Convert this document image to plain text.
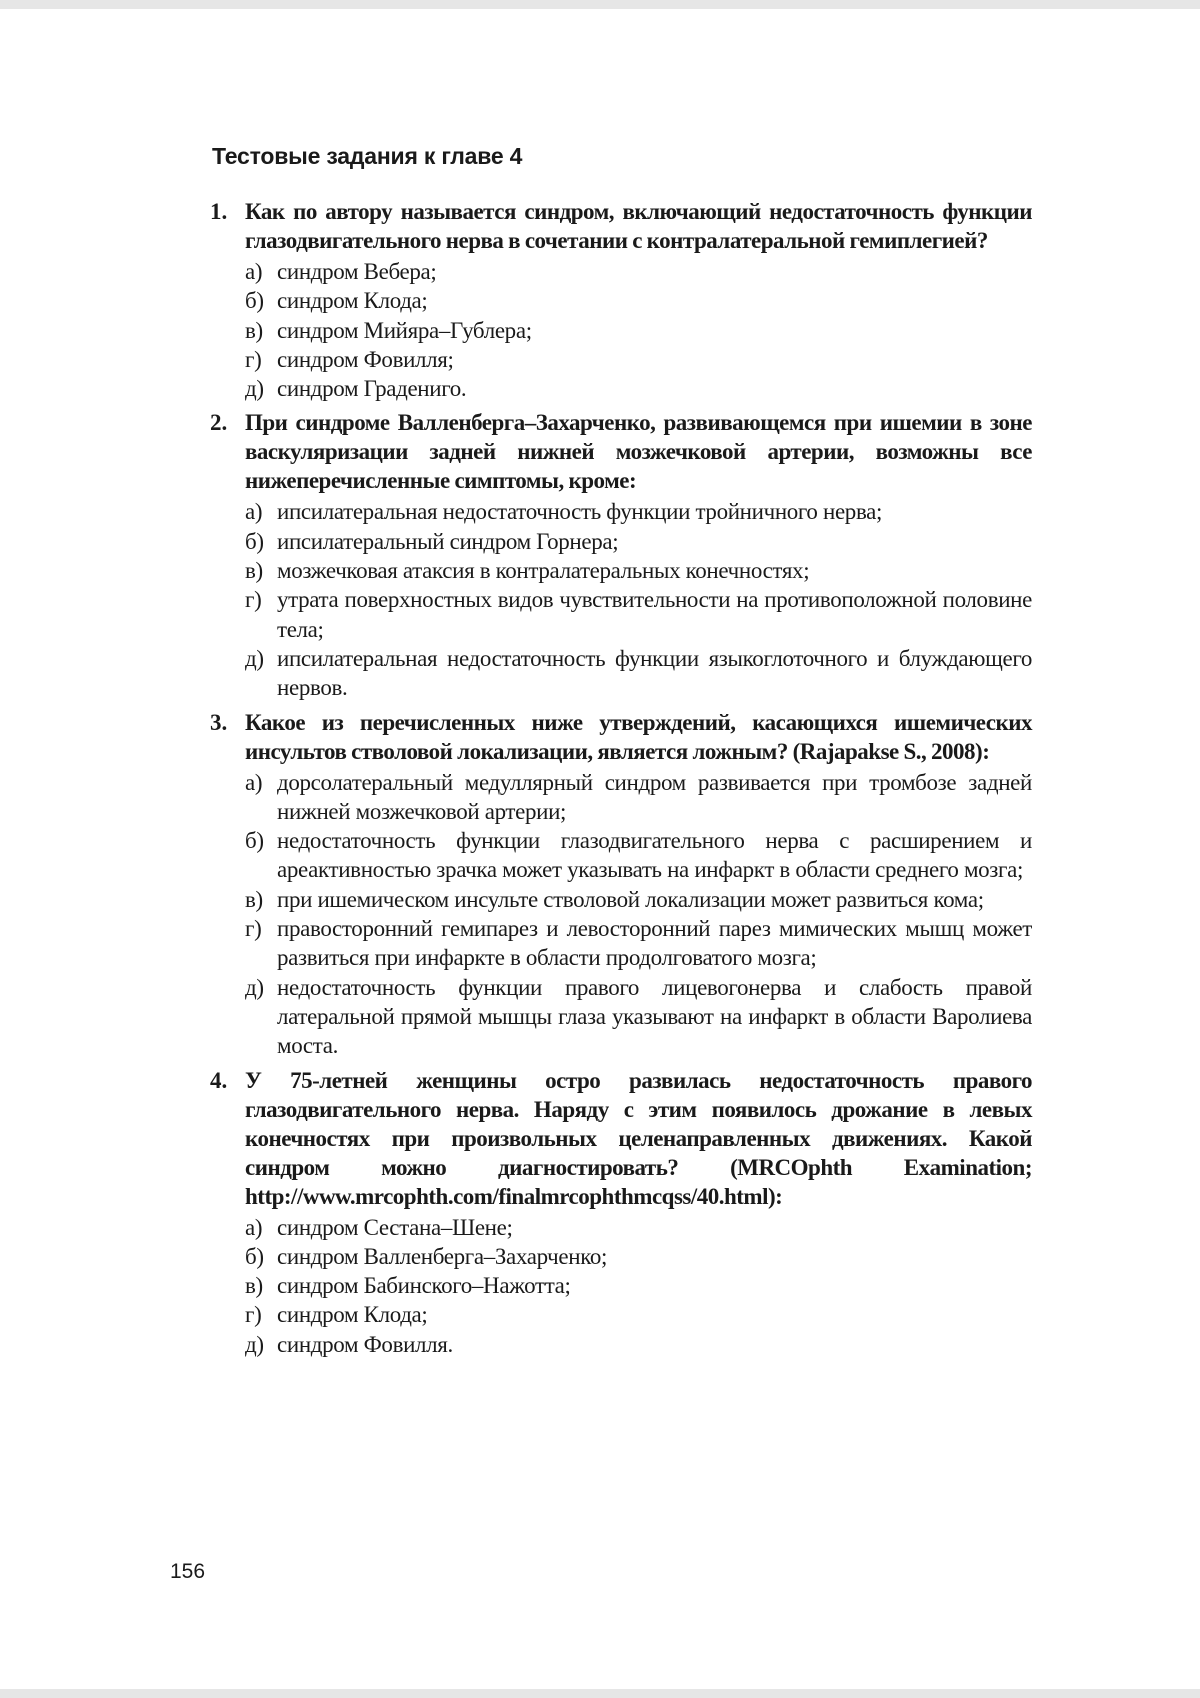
Тестовые задания к главе 4
1. Как по автору называется синдром, включающий недостаточность функции глазодвигательного нерва в сочетании с контралатеральной гемиплегией?
а) синдром Вебера;
б) синдром Клода;
в) синдром Мийяра–Гублера;
г) синдром Фовилля;
д) синдром Градениго.
2. При синдроме Валленберга–Захарченко, развивающемся при ишемии в зоне васкуляризации задней нижней мозжечковой артерии, возможны все нижеперечисленные симптомы, кроме:
а) ипсилатеральная недостаточность функции тройничного нерва;
б) ипсилатеральный синдром Горнера;
в) мозжечковая атаксия в контралатеральных конечностях;
г) утрата поверхностных видов чувствительности на противоположной половине тела;
д) ипсилатеральная недостаточность функции языкоглоточного и блуждающего нервов.
3. Какое из перечисленных ниже утверждений, касающихся ишемических инсультов стволовой локализации, является ложным? (Rajapakse S., 2008):
а) дорсолатеральный медуллярный синдром развивается при тромбозе задней нижней мозжечковой артерии;
б) недостаточность функции глазодвигательного нерва с расширением и ареактивностью зрачка может указывать на инфаркт в области среднего мозга;
в) при ишемическом инсульте стволовой локализации может развиться кома;
г) правосторонний гемипарез и левосторонний парез мимических мышц может развиться при инфаркте в области продолговатого мозга;
д) недостаточность функции правого лицевогонерва и слабость правой латеральной прямой мышцы глаза указывают на инфаркт в области Варолиева моста.
4. У 75-летней женщины остро развилась недостаточность правого глазодвигательного нерва. Наряду с этим появилось дрожание в левых конечностях при произвольных целенаправленных движениях. Какой синдром можно диагностировать? (MRCOphth Examination; http://www.mrcophth.com/finalmrcophthmcqss/40.html):
а) синдром Сестана–Шене;
б) синдром Валленберга–Захарченко;
в) синдром Бабинского–Нажотта;
г) синдром Клода;
д) синдром Фовилля.
156
